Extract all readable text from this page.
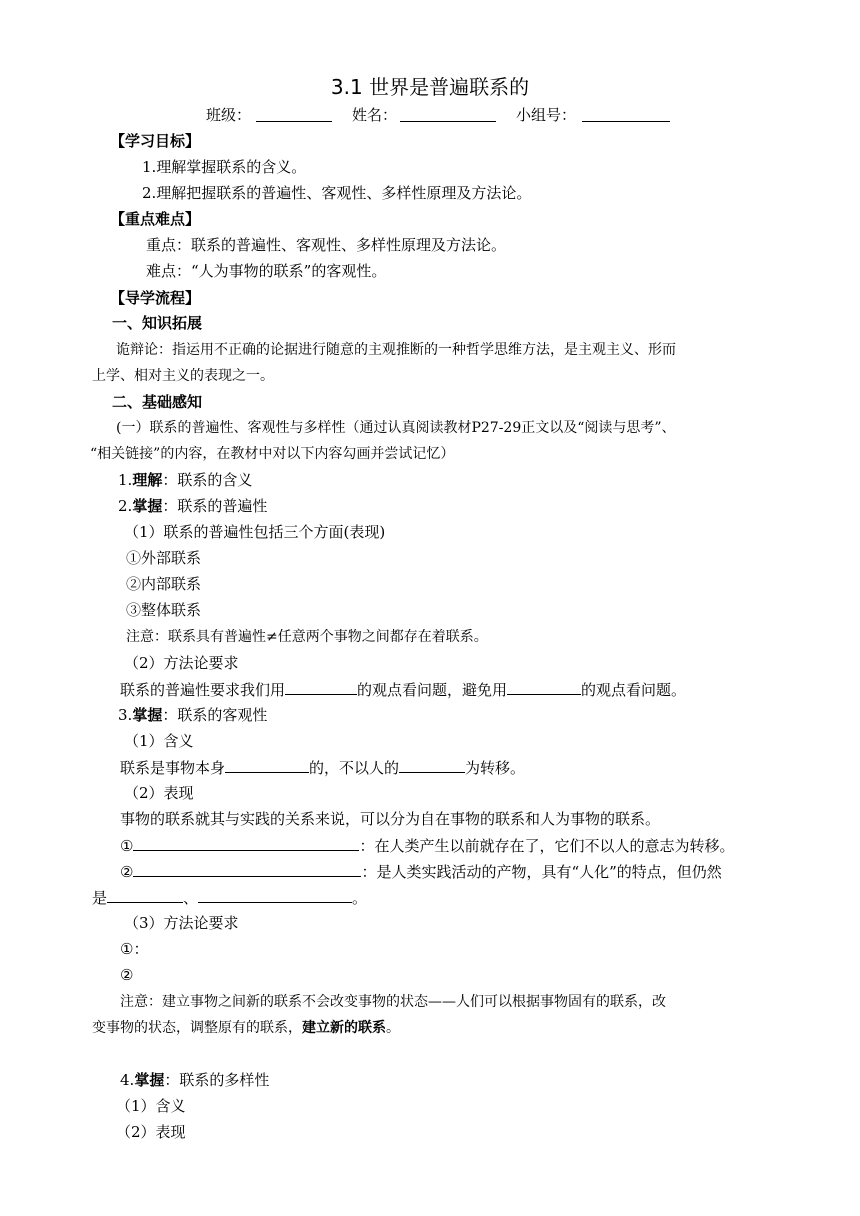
3.1 世界是普遍联系的
班级：	姓名：	小组号：
【学习目标】
1.理解掌握联系的含义。
2.理解把握联系的普遍性、客观性、多样性原理及方法论。
【重点难点】
重点：联系的普遍性、客观性、多样性原理及方法论。
难点：“人为事物的联系”的客观性。
【导学流程】
一、知识拓展
诡辩论：指运用不正确的论据进行随意的主观推断的一种哲学思维方法，是主观主义、形而
上学、相对主义的表现之一。
二、基础感知
(一）联系的普遍性、客观性与多样性（通过认真阅读教材P27-29正文以及“阅读与思考”、
“相关链接”的内容，在教材中对以下内容勾画并尝试记忆）
1.理解：联系的含义
2.掌握：联系的普遍性
（1）联系的普遍性包括三个方面(表现)
①外部联系
②内部联系
③整体联系
注意：联系具有普遍性≠任意两个事物之间都存在着联系。
（2）方法论要求
联系的普遍性要求我们用	的观点看问题，避免用	的观点看问题。
3.掌握：联系的客观性
（1）含义
联系是事物本身	的，不以人的	为转移。
（2）表现
事物的联系就其与实践的关系来说，可以分为自在事物的联系和人为事物的联系。
①	：在人类产生以前就存在了，它们不以人的意志为转移。
②	：是人类实践活动的产物，具有“人化”的特点，但仍然
是	、	。
（3）方法论要求
①：
②
注意：建立事物之间新的联系不会改变事物的状态——人们可以根据事物固有的联系，改
变事物的状态，调整原有的联系，建立新的联系。
4.掌握：联系的多样性
（1）含义
（2）表现
